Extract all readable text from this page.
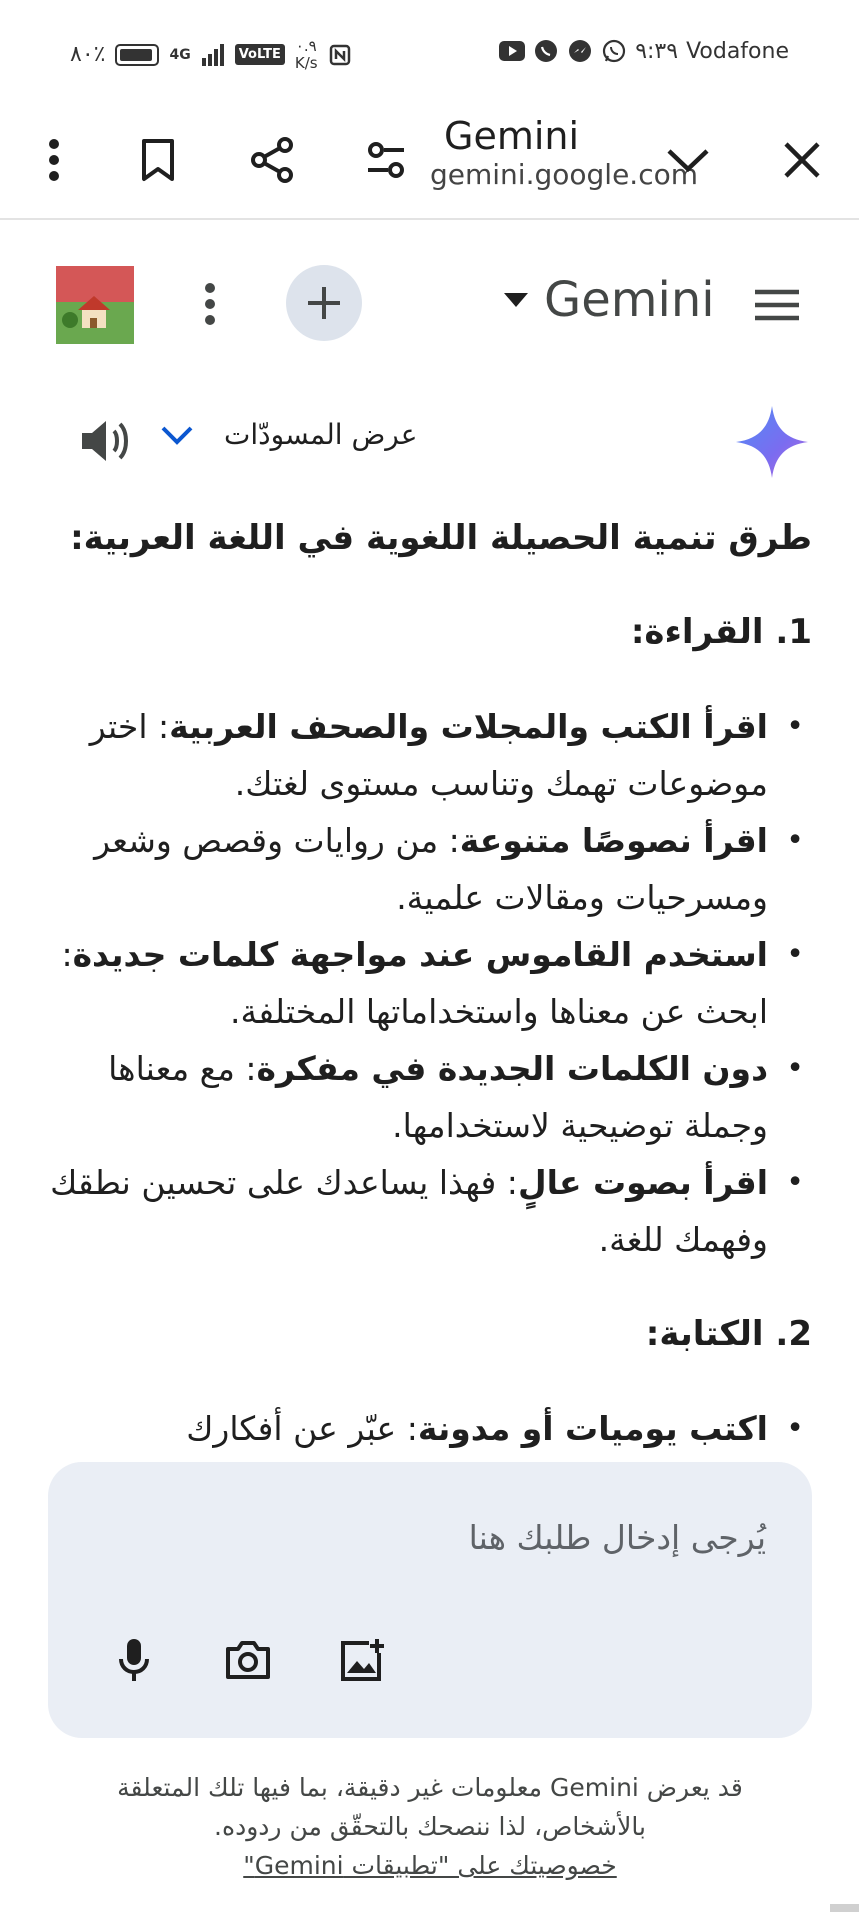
٨٠٪	4G	VoLTE ٠.٩
K/s	٩:٣٩ Vodafone
Gemini
gemini.google.com
Gemini
عرض المسودّات
طرق تنمية الحصيلة اللغوية في اللغة العربية:
1. القراءة:
• اقرأ الكتب والمجلات والصحف العربية: اختر موضوعات تهمك وتناسب مستوى لغتك.
• اقرأ نصوصًا متنوعة: من روايات وقصص وشعر ومسرحيات ومقالات علمية.
• استخدم القاموس عند مواجهة كلمات جديدة: ابحث عن معناها واستخداماتها المختلفة.
• دون الكلمات الجديدة في مفكرة: مع معناها وجملة توضيحية لاستخدامها.
• اقرأ بصوت عالٍ: فهذا يساعدك على تحسين نطقك وفهمك للغة.
2. الكتابة:
• اكتب يوميات أو مدونة: عبّر عن أفكارك
يُرجى إدخال طلبك هنا
قد يعرض Gemini معلومات غير دقيقة، بما فيها تلك المتعلقة بالأشخاص، لذا ننصحك بالتحقّق من ردوده.
خصوصيتك على "تطبيقات Gemini"
